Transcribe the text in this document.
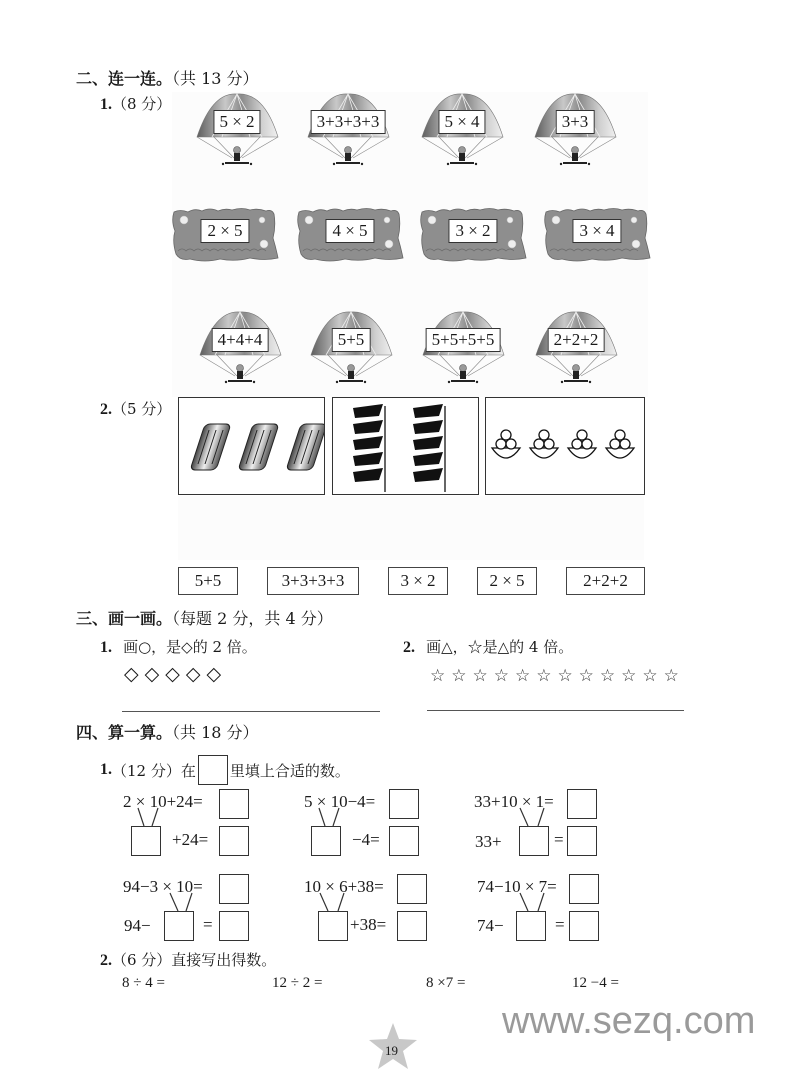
二、连一连。（共 13 分）
1.（8 分）
5 × 2	3+3+3+3	5 × 4	3+3
2 × 5	4 × 5	3 × 2	3 × 4
4+4+4	5+5	5+5+5+5	2+2+2
2.（5 分）
5+5	3+3+3+3	3 × 2	2 × 5	2+2+2
三、画一画。（每题 2 分，共 4 分）
1. 画○，是◇的 2 倍。
◇◇◇◇◇
2. 画△，☆是△的 4 倍。
☆☆☆☆☆☆☆☆☆☆☆☆
四、算一算。（共 18 分）
1. （12 分）在 里填上合适的数。
2 × 10+24=
+24=
5 × 10−4=
−4=
33+10 × 1=
33+	=
94−3 × 10=
94−	=
10 × 6+38=
+38=
74−10 × 7=
74−	=
2.（6 分）直接写出得数。
8 ÷ 4 =	12 ÷ 2 =	8 ×7 =	12 −4 =
19
www.sezq.com
